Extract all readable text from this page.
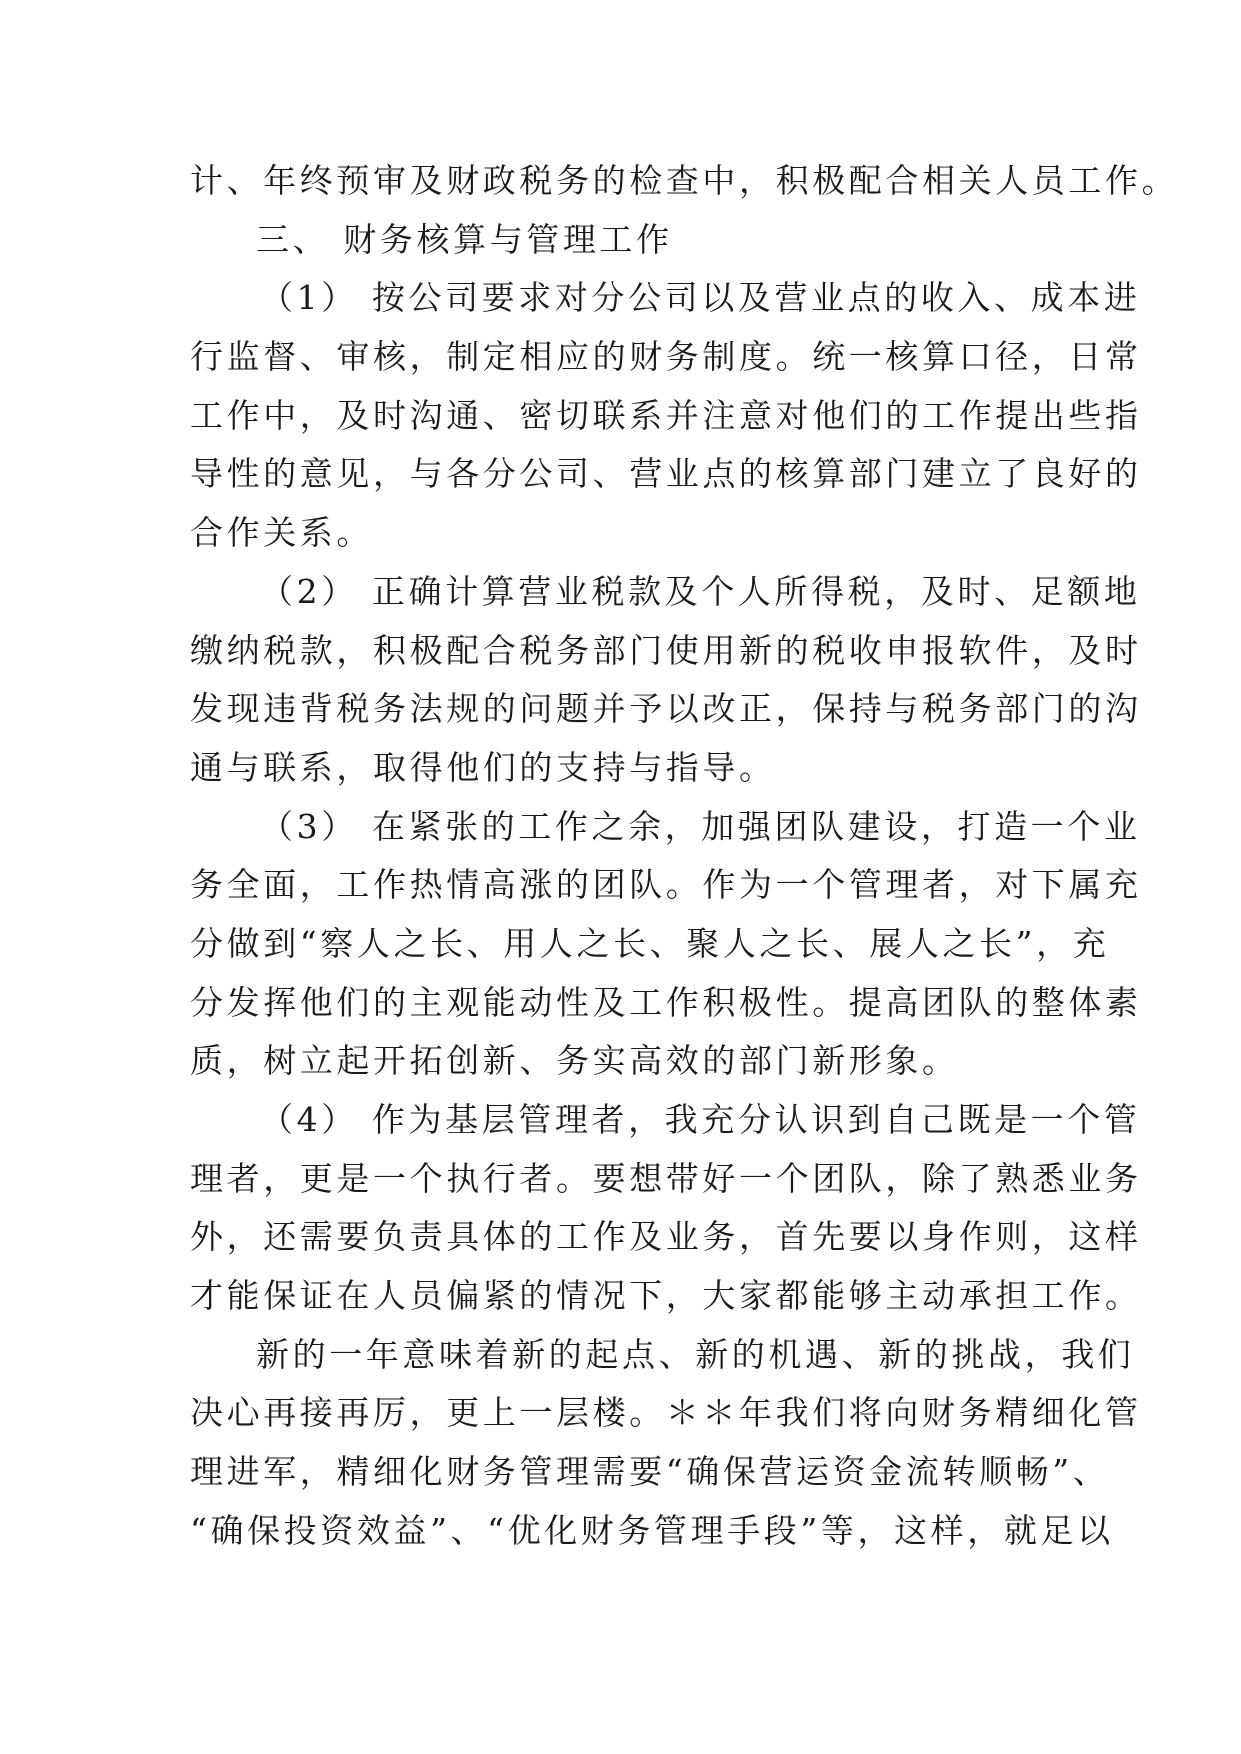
计、年终预审及财政税务的检查中，积极配合相关人员工作。
三、 财务核算与管理工作
（1） 按公司要求对分公司以及营业点的收入、成本进
行监督、审核，制定相应的财务制度。统一核算口径，日常
工作中，及时沟通、密切联系并注意对他们的工作提出些指
导性的意见，与各分公司、营业点的核算部门建立了良好的
合作关系。
（2） 正确计算营业税款及个人所得税，及时、足额地
缴纳税款，积极配合税务部门使用新的税收申报软件，及时
发现违背税务法规的问题并予以改正，保持与税务部门的沟
通与联系，取得他们的支持与指导。
（3） 在紧张的工作之余，加强团队建设，打造一个业
务全面，工作热情高涨的团队。作为一个管理者，对下属充
分做到“察人之长、用人之长、聚人之长、展人之长”，充
分发挥他们的主观能动性及工作积极性。提高团队的整体素
质，树立起开拓创新、务实高效的部门新形象。
（4） 作为基层管理者，我充分认识到自己既是一个管
理者，更是一个执行者。要想带好一个团队，除了熟悉业务
外，还需要负责具体的工作及业务，首先要以身作则，这样
才能保证在人员偏紧的情况下，大家都能够主动承担工作。
新的一年意味着新的起点、新的机遇、新的挑战，我们
决心再接再厉，更上一层楼。＊＊年我们将向财务精细化管
理进军，精细化财务管理需要“确保营运资金流转顺畅”、
“确保投资效益”、“优化财务管理手段”等，这样，就足以
